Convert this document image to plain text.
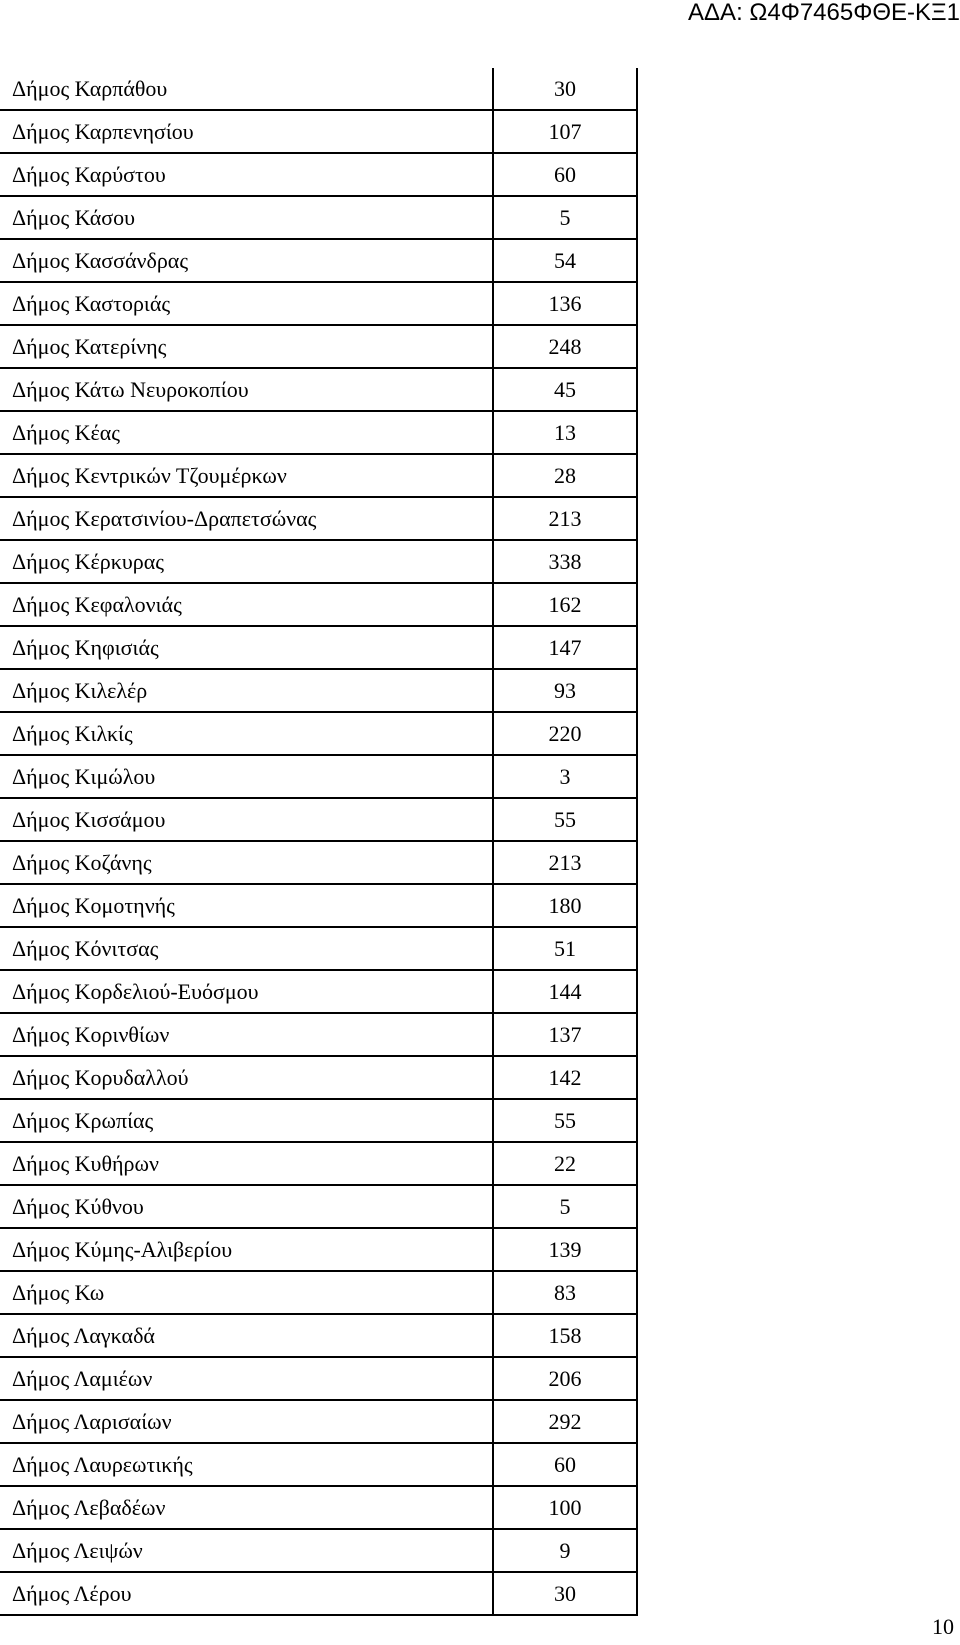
ΑΔΑ: Ω4Φ7465ΦΘΕ-ΚΞ1
Δήμος Καρπάθου	30
Δήμος Καρπενησίου	107
Δήμος Καρύστου	60
Δήμος Κάσου	5
Δήμος Κασσάνδρας	54
Δήμος Καστοριάς	136
Δήμος Κατερίνης	248
Δήμος Κάτω Νευροκοπίου	45
Δήμος Κέας	13
Δήμος Κεντρικών Τζουμέρκων	28
Δήμος Κερατσινίου-Δραπετσώνας	213
Δήμος Κέρκυρας	338
Δήμος Κεφαλονιάς	162
Δήμος Κηφισιάς	147
Δήμος Κιλελέρ	93
Δήμος Κιλκίς	220
Δήμος Κιμώλου	3
Δήμος Κισσάμου	55
Δήμος Κοζάνης	213
Δήμος Κομοτηνής	180
Δήμος Κόνιτσας	51
Δήμος Κορδελιού-Ευόσμου	144
Δήμος Κορινθίων	137
Δήμος Κορυδαλλού	142
Δήμος Κρωπίας	55
Δήμος Κυθήρων	22
Δήμος Κύθνου	5
Δήμος Κύμης-Αλιβερίου	139
Δήμος Κω	83
Δήμος Λαγκαδά	158
Δήμος Λαμιέων	206
Δήμος Λαρισαίων	292
Δήμος Λαυρεωτικής	60
Δήμος Λεβαδέων	100
Δήμος Λειψών	9
Δήμος Λέρου	30
10
